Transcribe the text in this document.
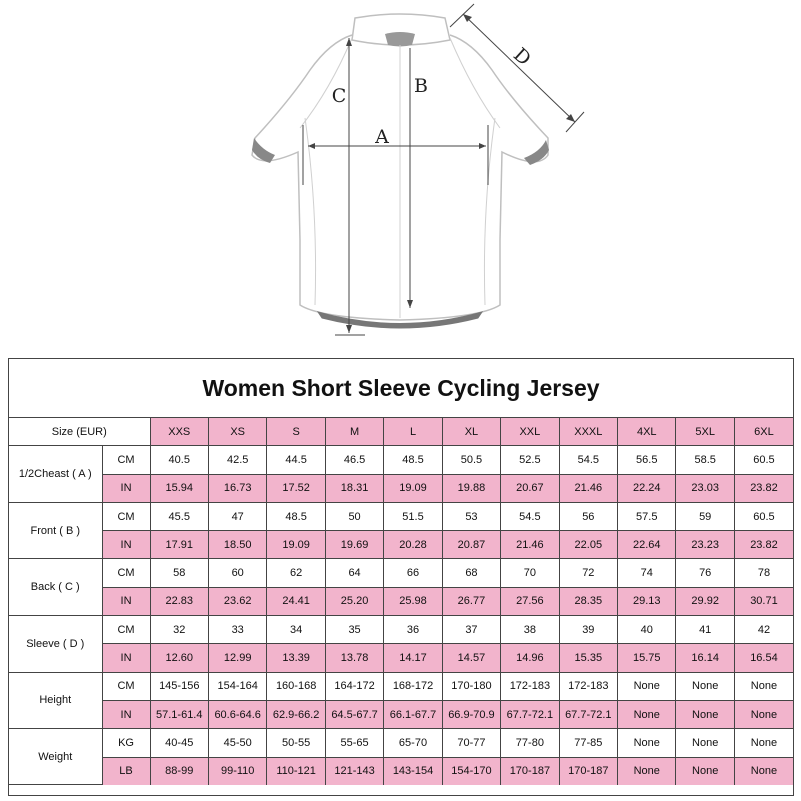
A
B
C
D
Women Short Sleeve Cycling Jersey
Size (EUR)		XXS	XS	S	M	L	XL	XXL	XXXL	4XL	5XL	6XL
1/2Cheast ( A )	CM	40.5	42.5	44.5	46.5	48.5	50.5	52.5	54.5	56.5	58.5	60.5
	IN	15.94	16.73	17.52	18.31	19.09	19.88	20.67	21.46	22.24	23.03	23.82
Front ( B )	CM	45.5	47	48.5	50	51.5	53	54.5	56	57.5	59	60.5
	IN	17.91	18.50	19.09	19.69	20.28	20.87	21.46	22.05	22.64	23.23	23.82
Back ( C )	CM	58	60	62	64	66	68	70	72	74	76	78
	IN	22.83	23.62	24.41	25.20	25.98	26.77	27.56	28.35	29.13	29.92	30.71
Sleeve ( D )	CM	32	33	34	35	36	37	38	39	40	41	42
	IN	12.60	12.99	13.39	13.78	14.17	14.57	14.96	15.35	15.75	16.14	16.54
Height	CM	145-156	154-164	160-168	164-172	168-172	170-180	172-183	172-183	None	None	None
	IN	57.1-61.4	60.6-64.6	62.9-66.2	64.5-67.7	66.1-67.7	66.9-70.9	67.7-72.1	67.7-72.1	None	None	None
Weight	KG	40-45	45-50	50-55	55-65	65-70	70-77	77-80	77-85	None	None	None
	LB	88-99	99-110	110-121	121-143	143-154	154-170	170-187	170-187	None	None	None
